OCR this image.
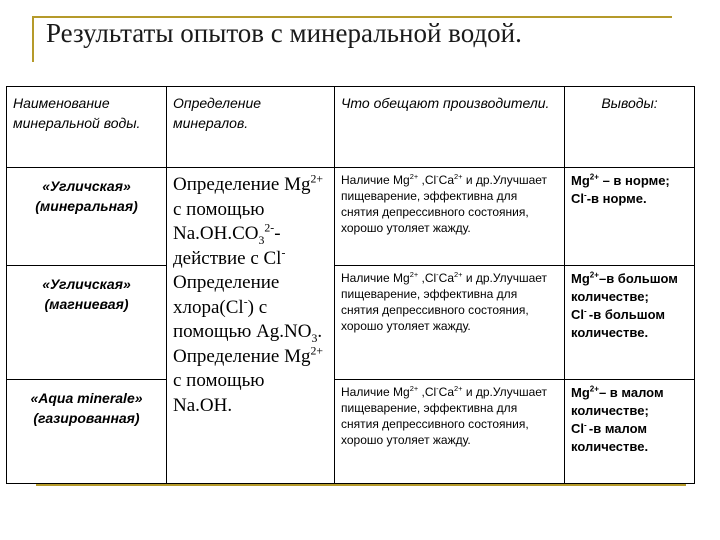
Результаты опытов с минеральной водой.
Наименование минеральной воды.	Определение минералов.	Что обещают производители.	Выводы:

«Угличская» (минеральная)	Определение $Mg^{2+}$ с помощью $Na.OH.CO_3^{2-}$-действие с Cl- Определение хлора(Cl-) с помощью $Ag.NO_3$. Определение $Mg^{2+}$ с помощью Na.OH.	Наличие $Mg^{2+}$ $,Cl^-Ca^{2+}$ и др.Улучшает пищеварение, эффективна для снятия депрессивного состояния, хорошо утоляет жажду.	$Mg^{2+}$ – в норме;
Cl--в норме.

«Угличская» (магниевая)		Наличие $Mg^{2+}$ $,Cl^-Ca^{2+}$ и др.Улучшает пищеварение, эффективна для снятия депрессивного состояния, хорошо утоляет жажду.	$Mg^{2+}-в$ большом количестве;
Cl- -в большом количестве.

«Aqua minerale» (газированная)		Наличие $Mg^{2+}$ $,Cl^-Ca^{2+}$ и др.Улучшает пищеварение, эффективна для снятия депрессивного состояния, хорошо утоляет жажду.	$Mg^{2+}-$ в малом количестве;
Cl- -в малом количестве.
